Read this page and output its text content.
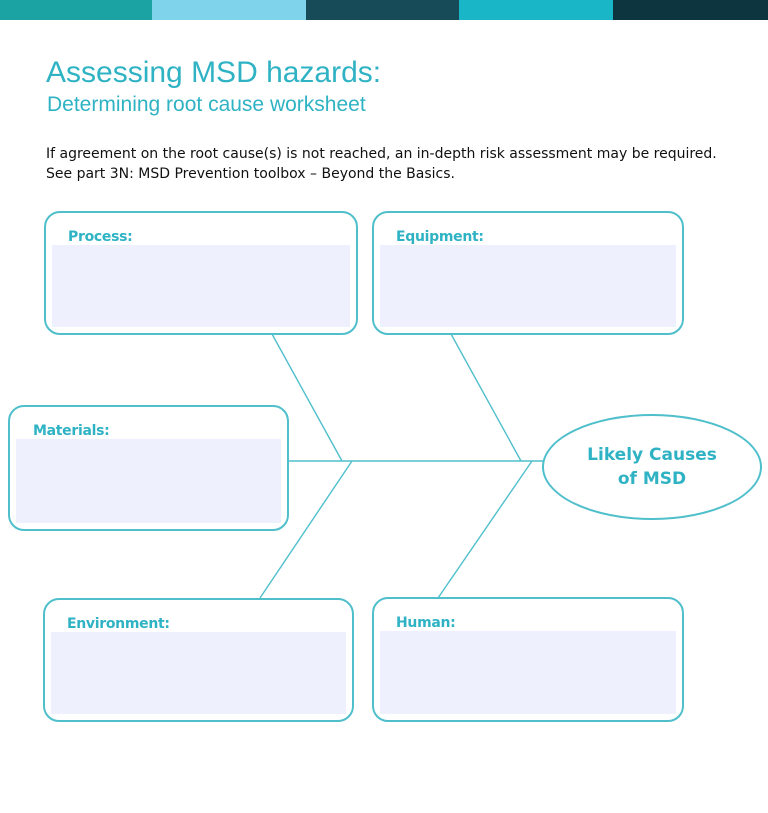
Assessing MSD hazards:
Determining root cause worksheet

If agreement on the root cause(s) is not reached, an in-depth risk assessment may be required. See part 3N: MSD Prevention toolbox – Beyond the Basics.

Process:	Equipment:
Materials:
Environment:	Human:
Likely Causes of MSD
